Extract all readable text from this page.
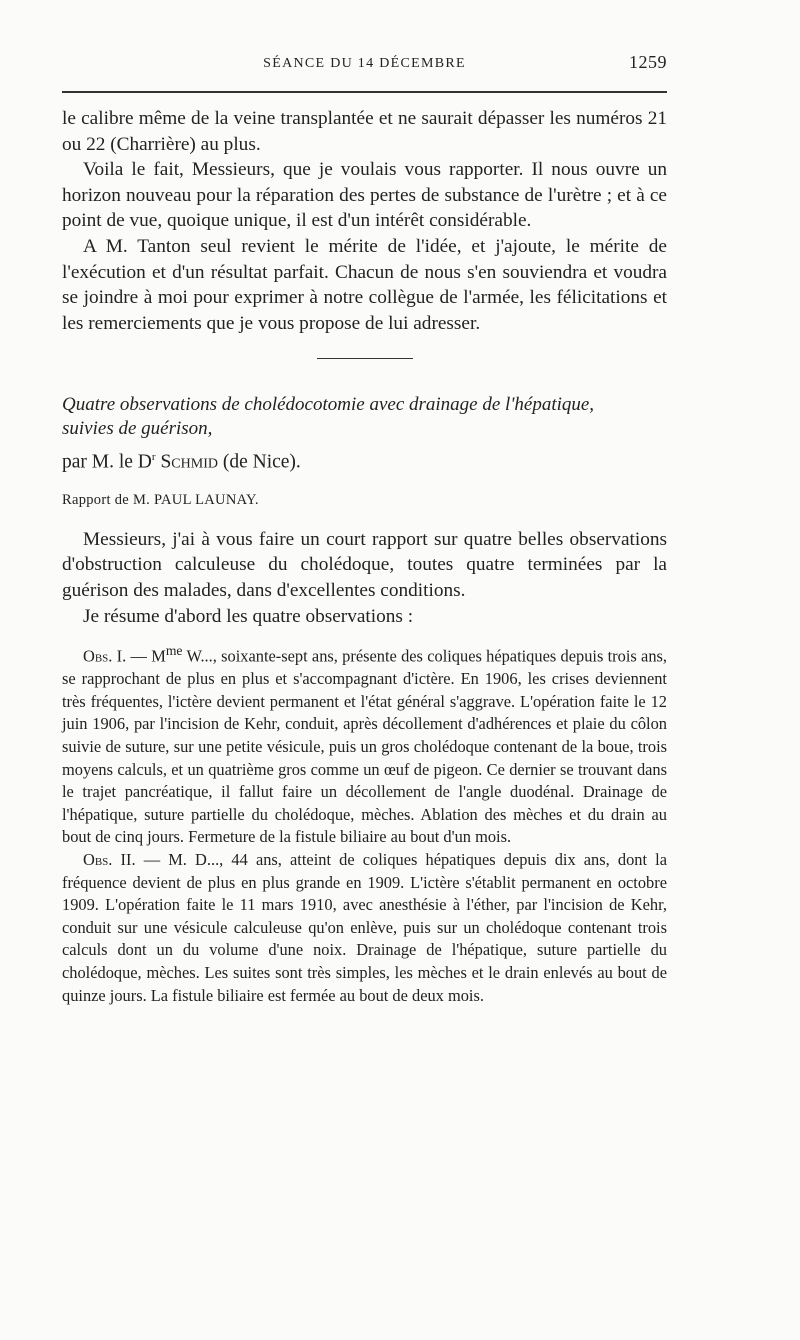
SÉANCE DU 14 DÉCEMBRE	1259

le calibre même de la veine transplantée et ne saurait dépasser les numéros 21 ou 22 (Charrière) au plus.

Voila le fait, Messieurs, que je voulais vous rapporter. Il nous ouvre un horizon nouveau pour la réparation des pertes de substance de l'urètre ; et à ce point de vue, quoique unique, il est d'un intérêt considérable.

A M. Tanton seul revient le mérite de l'idée, et j'ajoute, le mérite de l'exécution et d'un résultat parfait. Chacun de nous s'en souviendra et voudra se joindre à moi pour exprimer à notre collègue de l'armée, les félicitations et les remerciements que je vous propose de lui adresser.

Quatre observations de cholédocotomie avec drainage de l'hépatique,

suivies de guérison,

par M. le $D^r$ Schmid (de Nice).

Rapport de M. PAUL LAUNAY.

Messieurs, j'ai à vous faire un court rapport sur quatre belles observations d'obstruction calculeuse du cholédoque, toutes quatre terminées par la guérison des malades, dans d'excellentes conditions.

Je résume d'abord les quatre observations :

Obs. I. — $M^{me}$ W..., soixante-sept ans, présente des coliques hépatiques depuis trois ans, se rapprochant de plus en plus et s'accompagnant d'ictère. En 1906, les crises deviennent très fréquentes, l'ictère devient permanent et l'état général s'aggrave. L'opération faite le 12 juin 1906, par l'incision de Kehr, conduit, après décollement d'adhérences et plaie du côlon suivie de suture, sur une petite vésicule, puis un gros cholédoque contenant de la boue, trois moyens calculs, et un quatrième gros comme un œuf de pigeon. Ce dernier se trouvant dans le trajet pancréatique, il fallut faire un décollement de l'angle duodénal. Drainage de l'hépatique, suture partielle du cholédoque, mèches. Ablation des mèches et du drain au bout de cinq jours. Fermeture de la fistule biliaire au bout d'un mois.

Obs. II. — M. D..., 44 ans, atteint de coliques hépatiques depuis dix ans, dont la fréquence devient de plus en plus grande en 1909. L'ictère s'établit permanent en octobre 1909. L'opération faite le 11 mars 1910, avec anesthésie à l'éther, par l'incision de Kehr, conduit sur une vésicule calculeuse qu'on enlève, puis sur un cholédoque contenant trois calculs dont un du volume d'une noix. Drainage de l'hépatique, suture partielle du cholédoque, mèches. Les suites sont très simples, les mèches et le drain enlevés au bout de quinze jours. La fistule biliaire est fermée au bout de deux mois.
